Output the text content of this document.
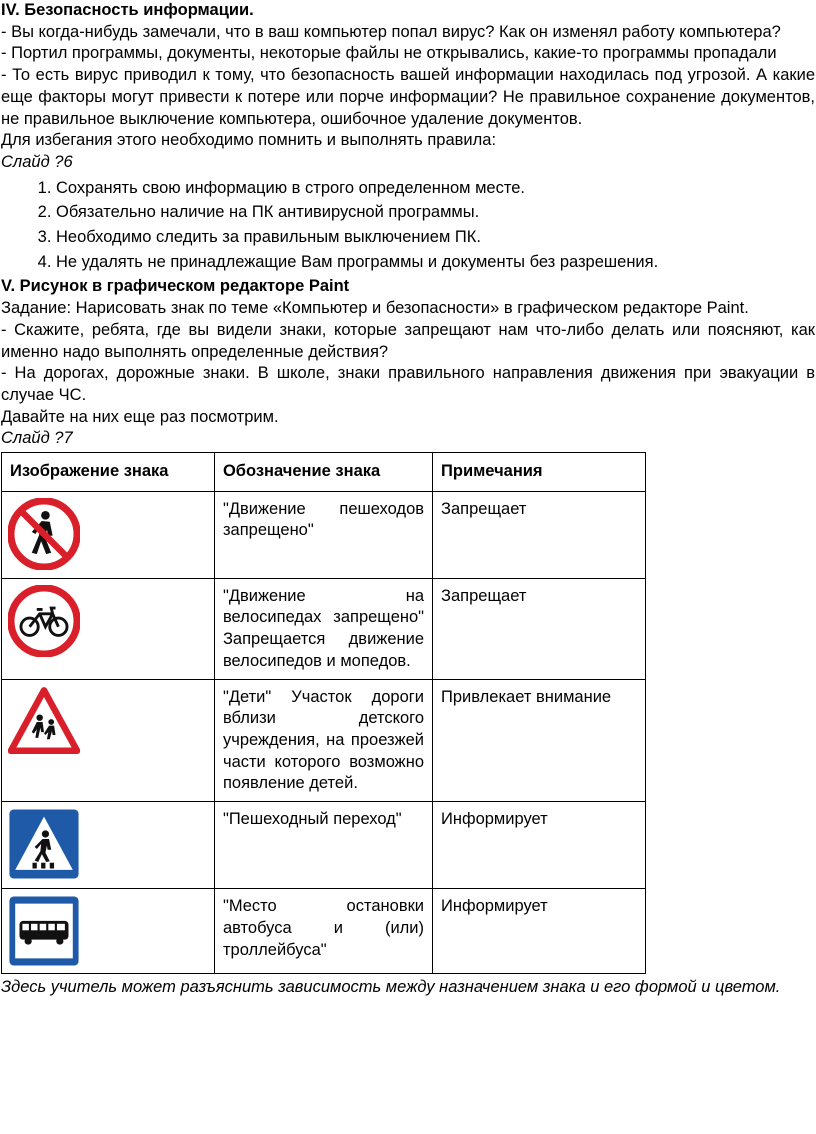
IV. Безопасность информации.

- Вы когда-нибудь замечали, что в ваш компьютер попал вирус? Как он изменял работу компьютера?

- Портил программы, документы, некоторые файлы не открывались, какие-то программы пропадали

- То есть вирус приводил к тому, что безопасность вашей информации находилась под угрозой. А какие еще факторы могут привести к потере или порче информации? Не правильное сохранение документов, не правильное выключение компьютера, ошибочное удаление документов.

Для избегания этого необходимо помнить и выполнять правила:

Слайд ?6

1. Сохранять свою информацию в строго определенном месте.
2. Обязательно наличие на ПК антивирусной программы.
3. Необходимо следить за правильным выключением ПК.
4. Не удалять не принадлежащие Вам программы и документы без разрешения.

V. Рисунок в графическом редакторе Paint

Задание: Нарисовать знак по теме «Компьютер и безопасности» в графическом редакторе Paint.

- Скажите, ребята, где вы видели знаки, которые запрещают нам что-либо делать или поясняют, как именно надо выполнять определенные действия?

- На дорогах, дорожные знаки. В школе, знаки правильного направления движения при эвакуации в случае ЧС.

Давайте на них еще раз посмотрим.

Слайд ?7

Изображение знака	Обозначение знака	Примечания

	"Движение пешеходов запрещено"	Запрещает

	"Движение на велосипедах запрещено" Запрещается движение велосипедов и мопедов.	Запрещает

	"Дети" Участок дороги вблизи детского учреждения, на проезжей части которого возможно появление детей.	Привлекает внимание

	"Пешеходный переход"	Информирует

	"Место остановки автобуса и (или) троллейбуса"	Информирует

Здесь учитель может разъяснить зависимость между назначением знака и его формой и цветом.
